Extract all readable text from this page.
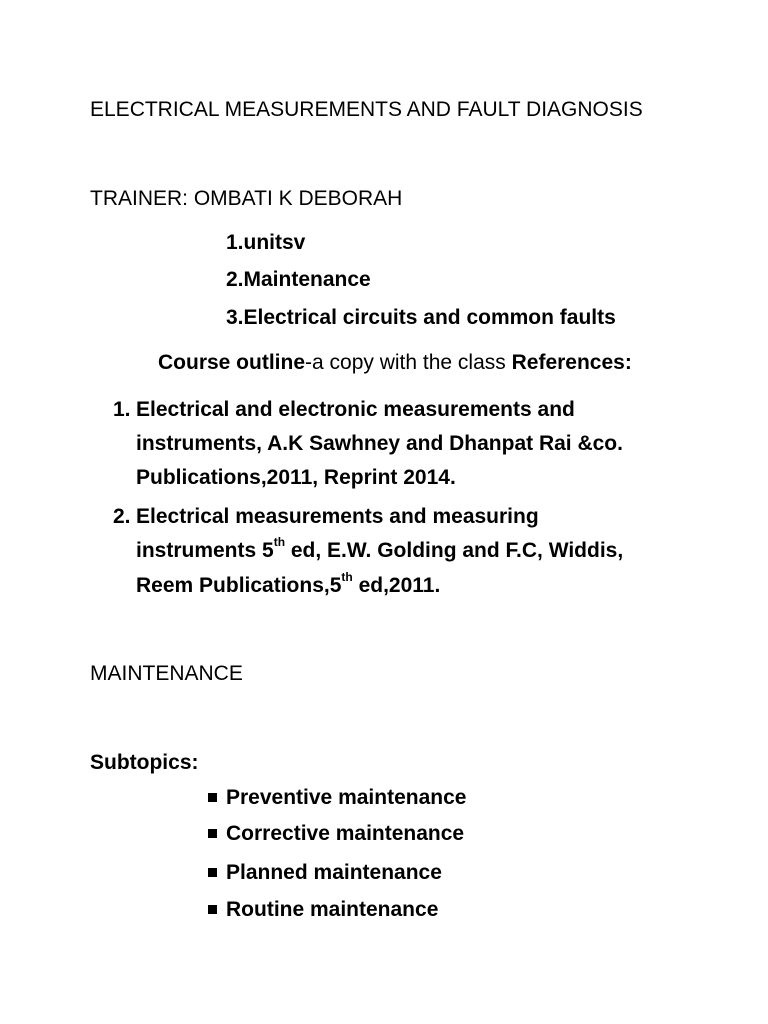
ELECTRICAL MEASUREMENTS AND FAULT DIAGNOSIS
TRAINER: OMBATI K DEBORAH
1.unitsv
2.Maintenance
3.Electrical circuits and common faults
Course outline-a copy with the class References:
1. Electrical and electronic measurements and
instruments, A.K Sawhney and Dhanpat Rai &co.
Publications,2011, Reprint 2014.
2. Electrical measurements and measuring
instruments 5th ed, E.W. Golding and F.C, Widdis,
Reem Publications,5th ed,2011.
MAINTENANCE
Subtopics:
Preventive maintenance
Corrective maintenance
Planned maintenance
Routine maintenance
